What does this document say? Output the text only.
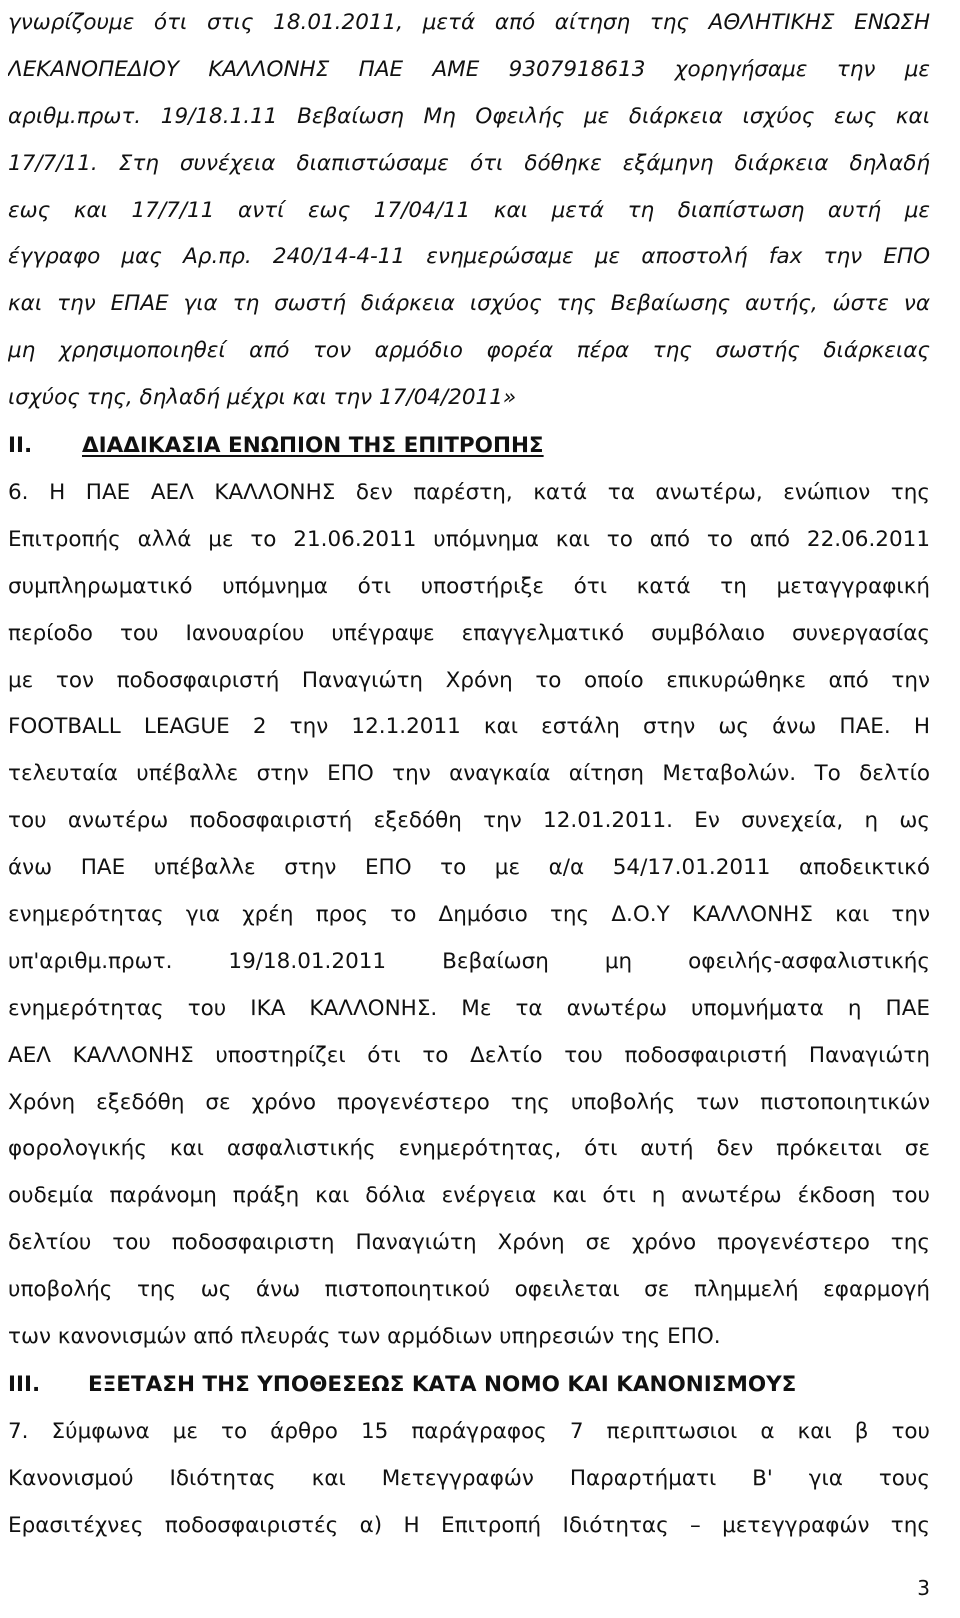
γνωρίζουμε ότι στις 18.01.2011, μετά από αίτηση της ΑΘΛΗΤΙΚΗΣ ΕΝΩΣΗ
ΛΕΚΑΝΟΠΕΔΙΟΥ ΚΑΛΛΟΝΗΣ ΠΑΕ ΑΜΕ 9307918613 χορηγήσαμε την με
αριθμ.πρωτ. 19/18.1.11 Βεβαίωση Μη Οφειλής με διάρκεια ισχύος εως και
17/7/11. Στη συνέχεια διαπιστώσαμε ότι δόθηκε εξάμηνη διάρκεια δηλαδή
εως και 17/7/11 αντί εως 17/04/11 και μετά τη διαπίστωση αυτή με
έγγραφο μας Αρ.πρ. 240/14-4-11 ενημερώσαμε με αποστολή fax την ΕΠΟ
και την ΕΠΑΕ για τη σωστή διάρκεια ισχύος της Βεβαίωσης αυτής, ώστε να
μη χρησιμοποιηθεί από τον αρμόδιο φορέα πέρα της σωστής διάρκειας
ισχύος της, δηλαδή μέχρι και την 17/04/2011»
II. ΔΙΑΔΙΚΑΣΙΑ ΕΝΩΠΙΟΝ ΤΗΣ ΕΠΙΤΡΟΠΗΣ
6. Η ΠΑΕ ΑΕΛ ΚΑΛΛΟΝΗΣ δεν παρέστη, κατά τα ανωτέρω, ενώπιον της
Επιτροπής αλλά με το 21.06.2011 υπόμνημα και το από το από 22.06.2011
συμπληρωματικό υπόμνημα ότι υποστήριξε ότι κατά τη μεταγγραφική
περίοδο του Ιανουαρίου υπέγραψε επαγγελματικό συμβόλαιο συνεργασίας
με τον ποδοσφαιριστή Παναγιώτη Χρόνη το οποίο επικυρώθηκε από την
FOOTBALL LEAGUE 2 την 12.1.2011 και εστάλη στην ως άνω ΠΑΕ. Η
τελευταία υπέβαλλε στην ΕΠΟ την αναγκαία αίτηση Μεταβολών. Το δελτίο
του ανωτέρω ποδοσφαιριστή εξεδόθη την 12.01.2011. Εν συνεχεία, η ως
άνω ΠΑΕ υπέβαλλε στην ΕΠΟ το με α/α 54/17.01.2011 αποδεικτικό
ενημερότητας για χρέη προς το Δημόσιο της Δ.Ο.Υ ΚΑΛΛΟΝΗΣ και την
υπ'αριθμ.πρωτ. 19/18.01.2011 Βεβαίωση μη οφειλής-ασφαλιστικής
ενημερότητας του ΙΚΑ ΚΑΛΛΟΝΗΣ. Με τα ανωτέρω υπομνήματα η ΠΑΕ
ΑΕΛ ΚΑΛΛΟΝΗΣ υποστηρίζει ότι το Δελτίο του ποδοσφαιριστή Παναγιώτη
Χρόνη εξεδόθη σε χρόνο προγενέστερο της υποβολής των πιστοποιητικών
φορολογικής και ασφαλιστικής ενημερότητας, ότι αυτή δεν πρόκειται σε
ουδεμία παράνομη πράξη και δόλια ενέργεια και ότι η ανωτέρω έκδοση του
δελτίου του ποδοσφαιριστη Παναγιώτη Χρόνη σε χρόνο προγενέστερο της
υποβολής της ως άνω πιστοποιητικού οφειλεται σε πλημμελή εφαρμογή
των κανονισμών από πλευράς των αρμόδιων υπηρεσιών της ΕΠΟ.
III. ΕΞΕΤΑΣΗ ΤΗΣ ΥΠΟΘΕΣΕΩΣ ΚΑΤΑ ΝΟΜΟ ΚΑΙ ΚΑΝΟΝΙΣΜΟΥΣ
7. Σύμφωνα με το άρθρο 15 παράγραφος 7 περιπτωσιοι α και β του
Κανονισμού Ιδιότητας και Μετεγγραφών Παραρτήματι Β' για τους
Ερασιτέχνες ποδοσφαιριστές α) Η Επιτροπή Ιδιότητας – μετεγγραφών της
3
